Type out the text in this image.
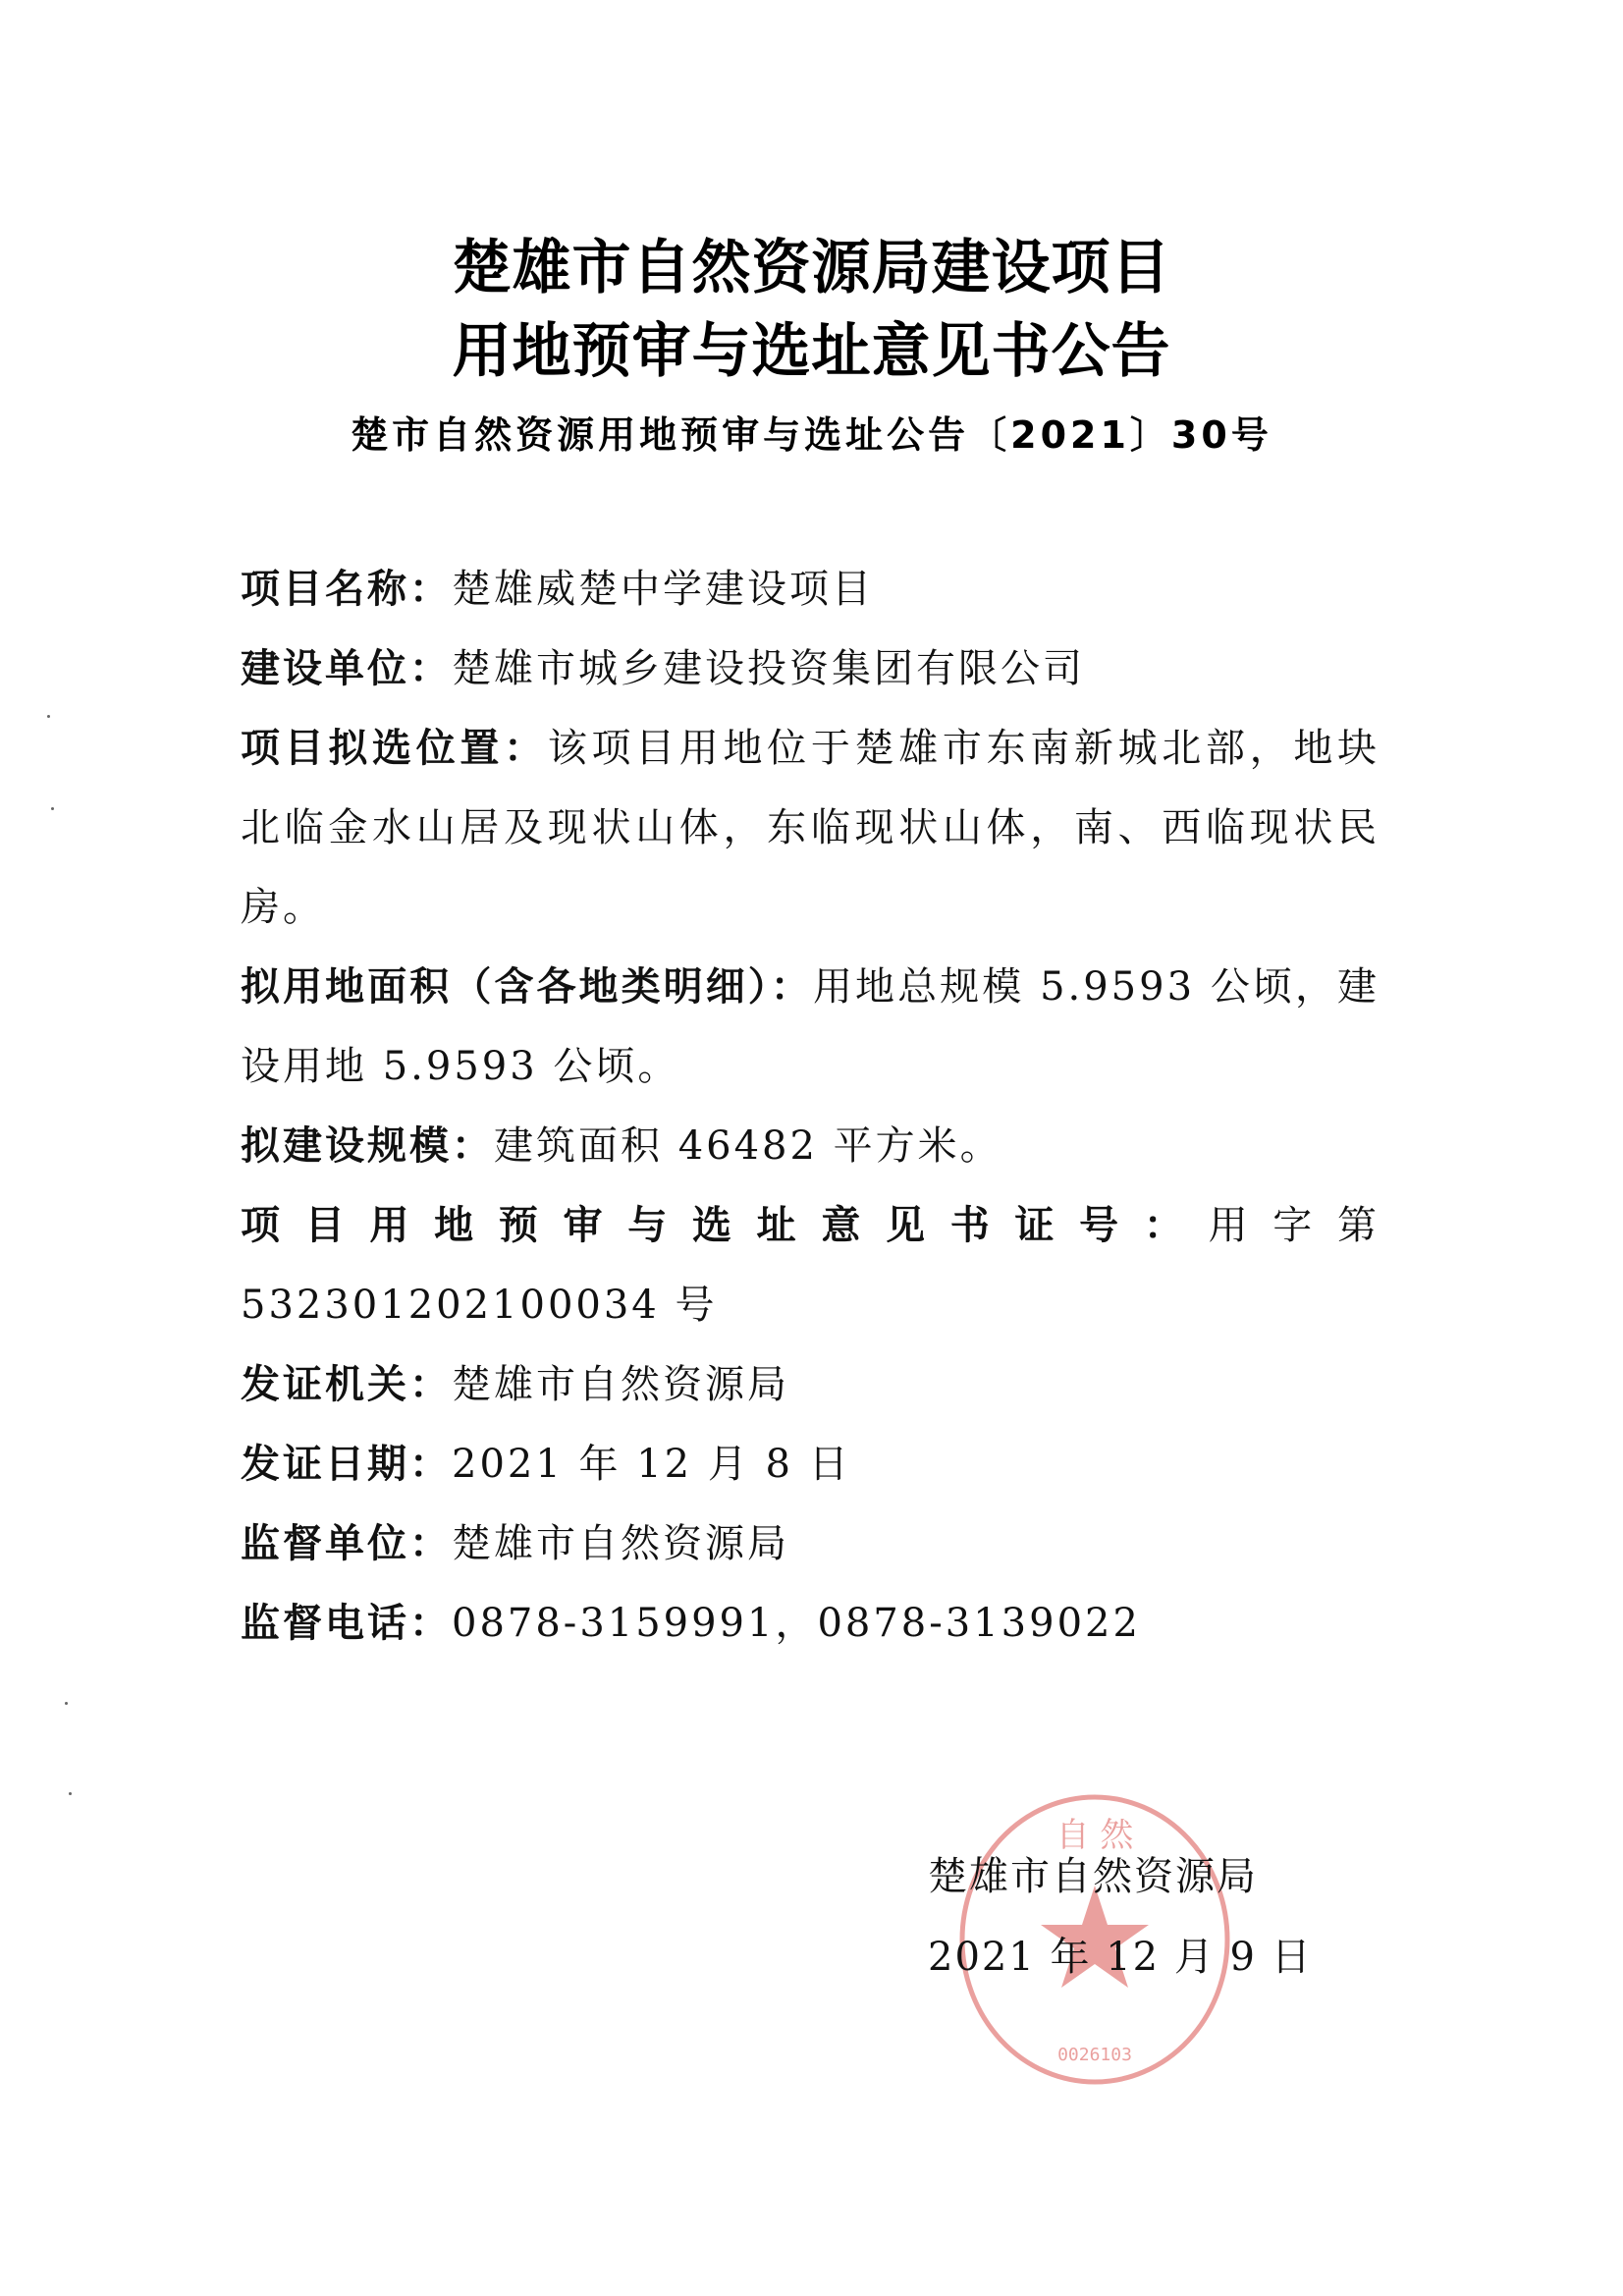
楚雄市自然资源局建设项目
用地预审与选址意见书公告
楚市自然资源用地预审与选址公告〔2021〕30号

项目名称：楚雄威楚中学建设项目

建设单位：楚雄市城乡建设投资集团有限公司

项目拟选位置：该项目用地位于楚雄市东南新城北部，地块北临金水山居及现状山体，东临现状山体，南、西临现状民房。

拟用地面积（含各地类明细）：用地总规模 5.9593 公顷，建设用地 5.9593 公顷。

拟建设规模：建筑面积 46482 平方米。

项目用地预审与选址意见书证号：用字第 532301202100034 号

发证机关：楚雄市自然资源局

发证日期：2021 年 12 月 8 日

监督单位：楚雄市自然资源局

监督电话：0878-3159991，0878-3139022

自 然
0026103
楚雄市自然资源局
2021 年 12 月 9 日
